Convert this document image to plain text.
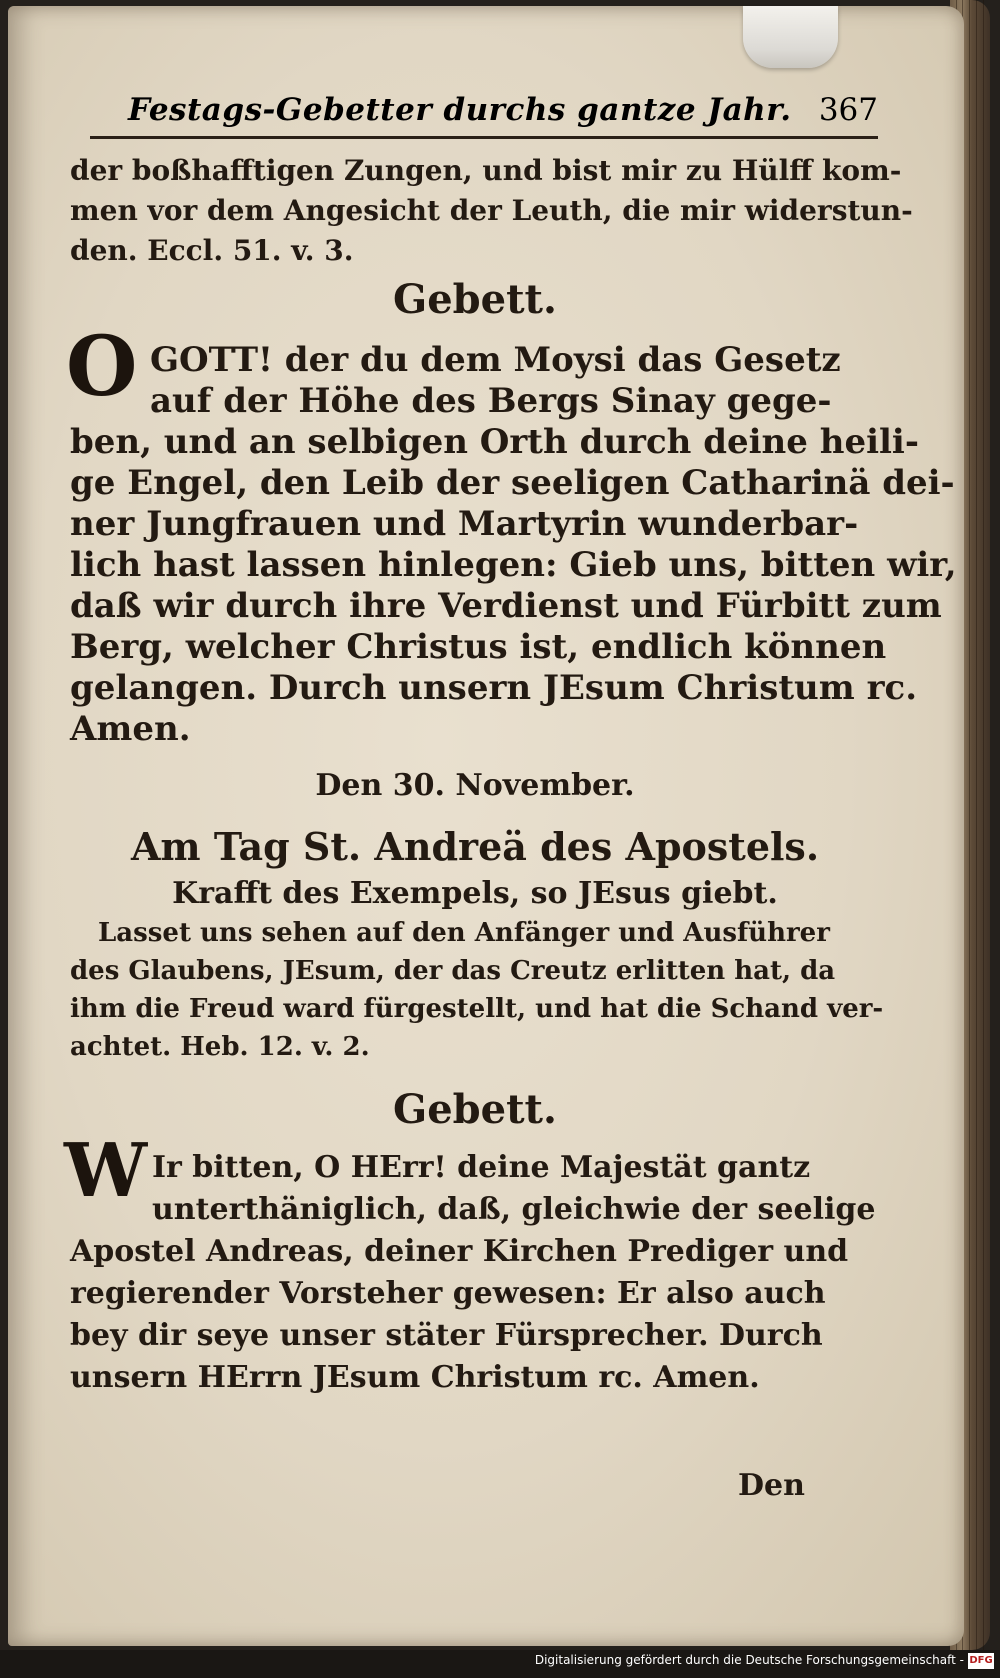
Festags-Gebetter durchs gantze Jahr. 367
der boßhafftigen Zungen, und bist mir zu Hülff kom-
men vor dem Angesicht der Leuth, die mir widerstun-
den. Eccl. 51. v. 3.
Gebett.
O GOTT! der du dem Moysi das Gesetz
auf der Höhe des Bergs Sinay gege-
ben, und an selbigen Orth durch deine heili-
ge Engel, den Leib der seeligen Catharinä dei-
ner Jungfrauen und Martyrin wunderbar-
lich hast lassen hinlegen: Gieb uns, bitten wir,
daß wir durch ihre Verdienst und Fürbitt zum
Berg, welcher Christus ist, endlich können
gelangen. Durch unsern JEsum Christum rc.
Amen.
Den 30. November.
Am Tag St. Andreä des Apostels.
Krafft des Exempels, so JEsus giebt.
Lasset uns sehen auf den Anfänger und Ausführer
des Glaubens, JEsum, der das Creutz erlitten hat, da
ihm die Freud ward fürgestellt, und hat die Schand ver-
achtet. Heb. 12. v. 2.
Gebett.
W Ir bitten, O HErr! deine Majestät gantz
unterthäniglich, daß, gleichwie der seelige
Apostel Andreas, deiner Kirchen Prediger und
regierender Vorsteher gewesen: Er also auch
bey dir seye unser stäter Fürsprecher. Durch
unsern HErrn JEsum Christum rc. Amen.
Den
Digitalisierung gefördert durch die Deutsche Forschungsgemeinschaft - DFG
